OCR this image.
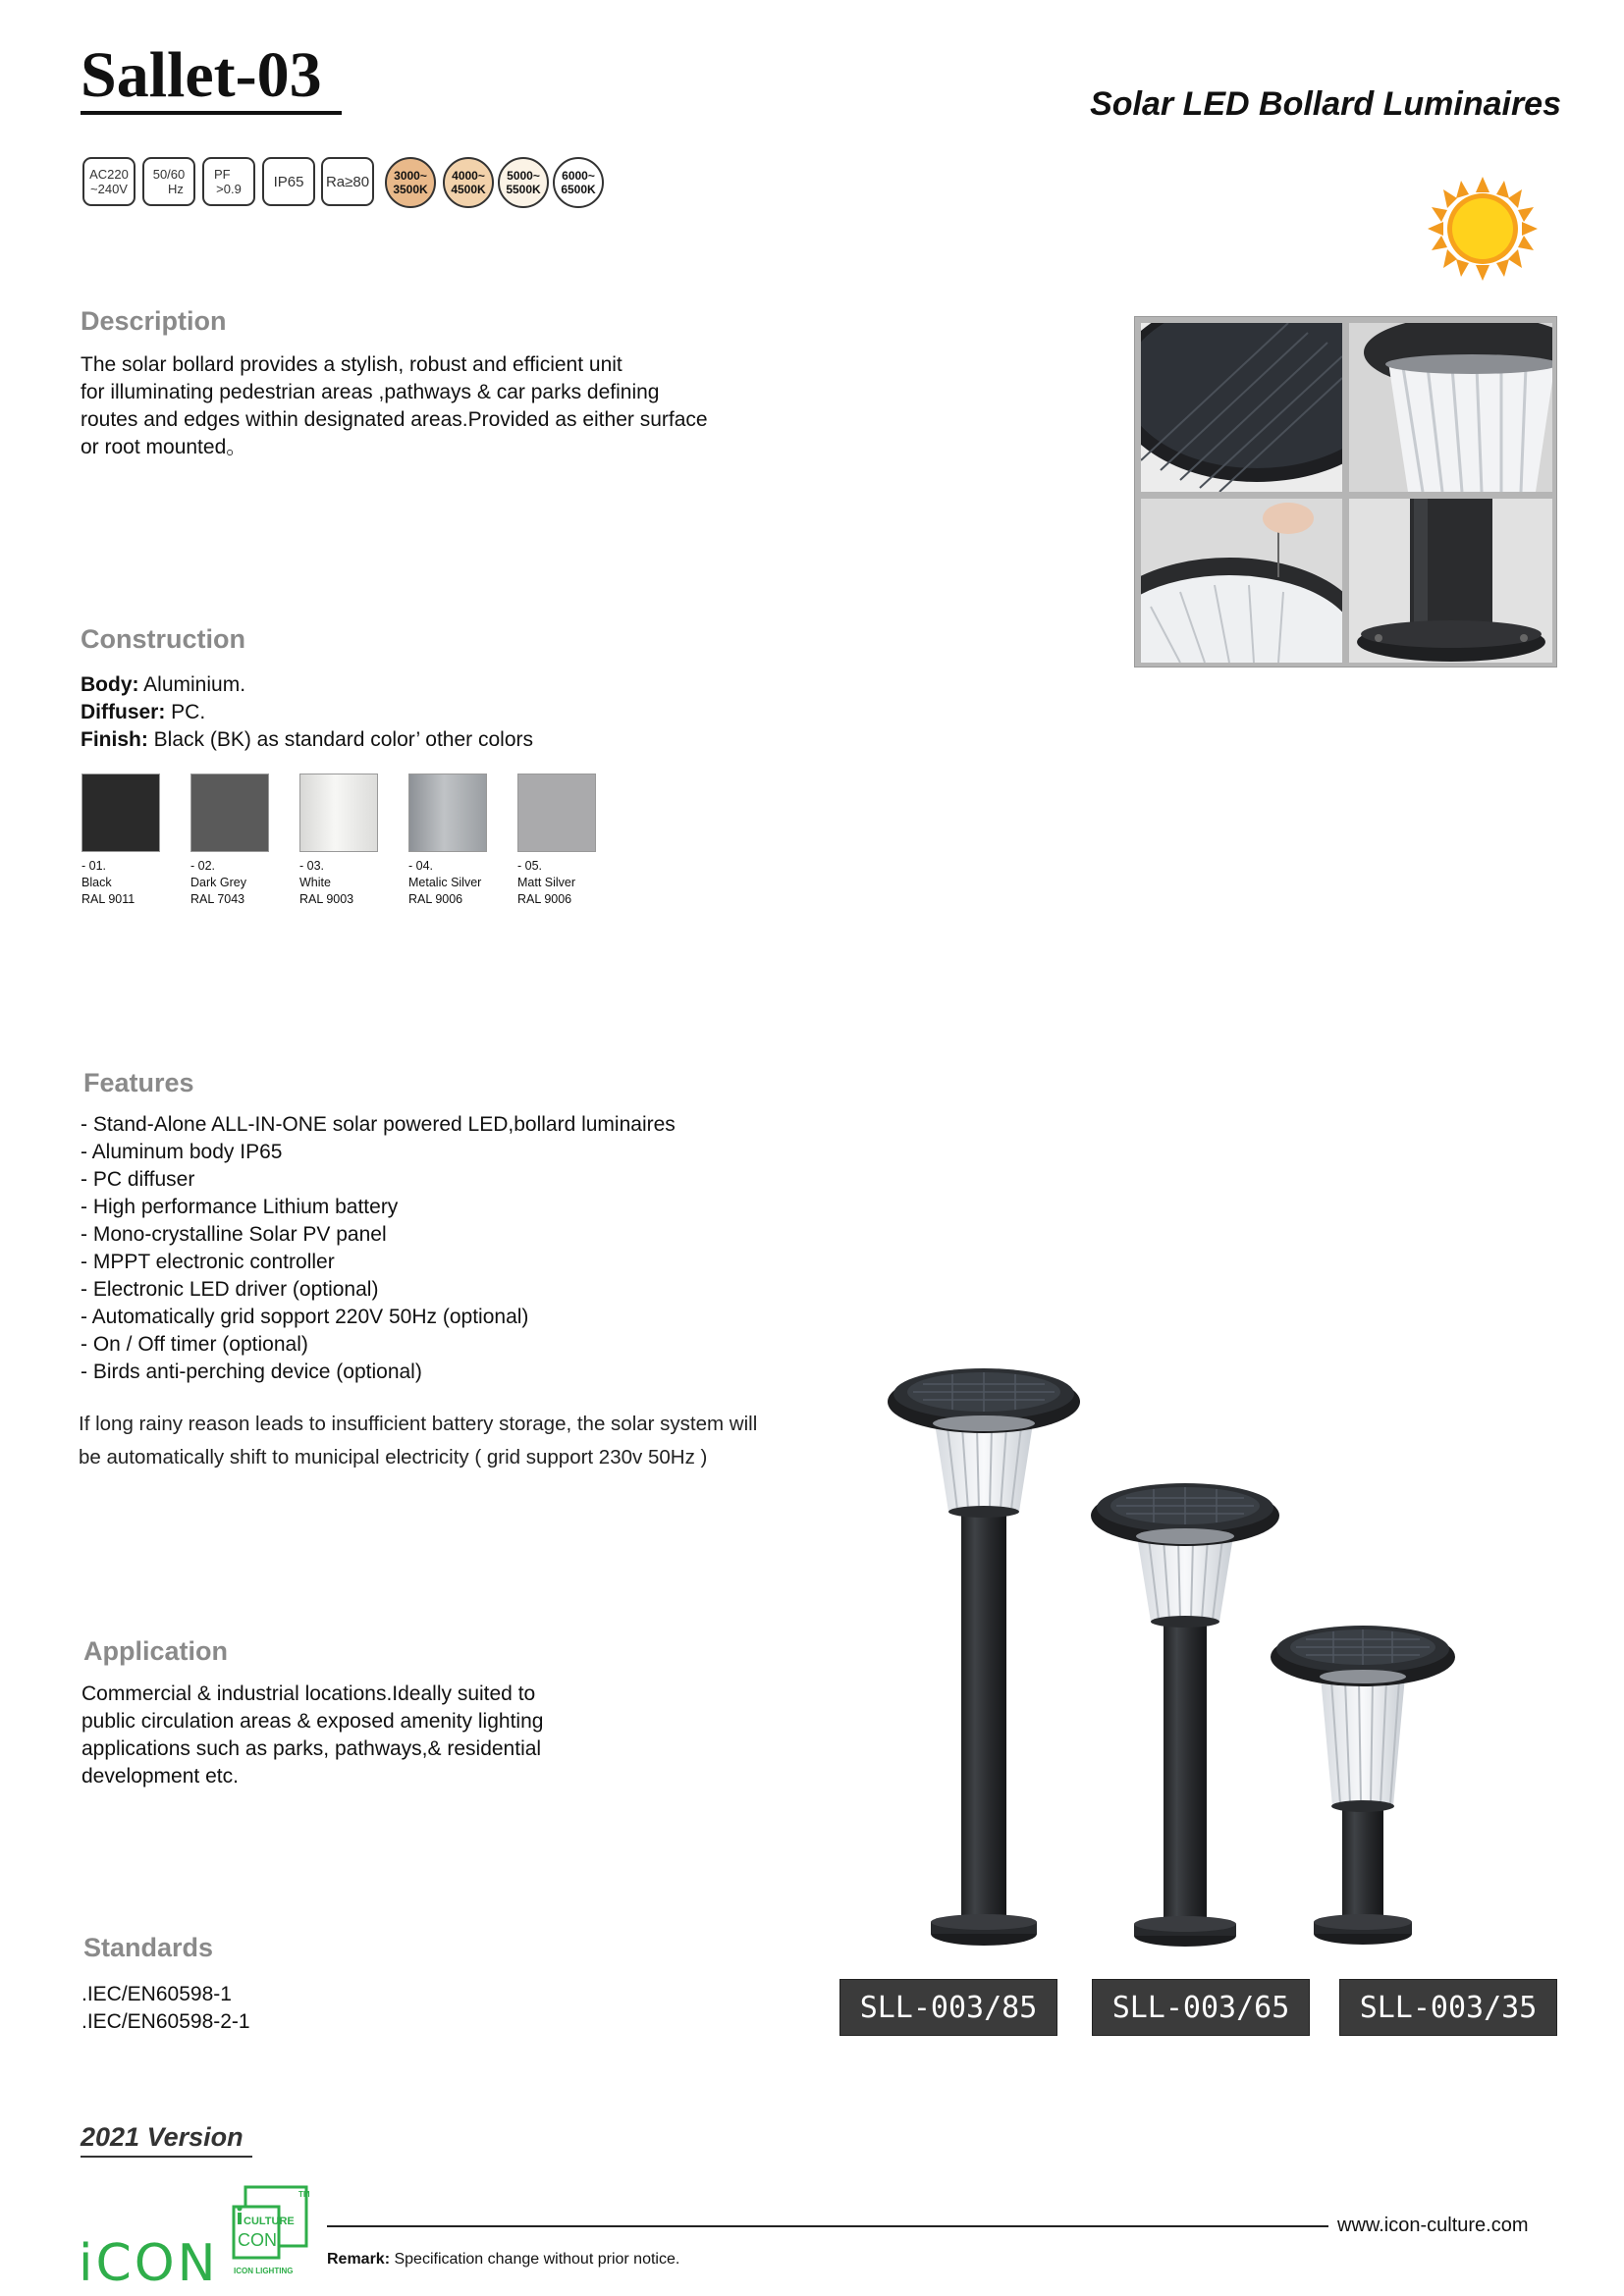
Sallet-03	Solar LED Bollard Luminaires
AC220
~240V
50/60
Hz
PF
>0.9 IP65 Ra≥80 3000~
3500K
4000~
4500K
5000~
5500K
6000~
6500K
Description
The solar bollard provides a stylish, robust and efficient unit
for illuminating pedestrian areas ,pathways & car parks defining
routes and edges within designated areas.Provided as either surface
or root mounted。
Construction
Body: Aluminium.
Diffuser: PC.
Finish: Black (BK) as standard color’ other colors
- 01.
Black
RAL 9011
- 02.
Dark Grey
RAL 7043
- 03.
White
RAL 9003
- 04.
Metalic Silver
RAL 9006
- 05.
Matt Silver
RAL 9006
Features
- Stand-Alone ALL-IN-ONE solar powered LED,bollard luminaires
- Aluminum body IP65
- PC diffuser
- High performance Lithium battery
- Mono-crystalline Solar PV panel
- MPPT electronic controller
- Electronic LED driver (optional)
- Automatically grid sopport 220V 50Hz (optional)
- On / Off timer (optional)
- Birds anti-perching device (optional)
If long rainy reason leads to insufficient battery storage, the solar system will
be automatically shift to municipal electricity ( grid support 230v 50Hz )
Application
Commercial & industrial locations.Ideally suited to
public circulation areas & exposed amenity lighting
applications such as parks, pathways,& residential
development etc.
Standards
.IEC/EN60598-1
.IEC/EN60598-2-1	SLL-003/85	SLL-003/65	SLL-003/35
2021 Version
iCON
CULTURE
CON
ICON LIGHTING
TM
www.icon-culture.com
Remark: Specification change without prior notice.
